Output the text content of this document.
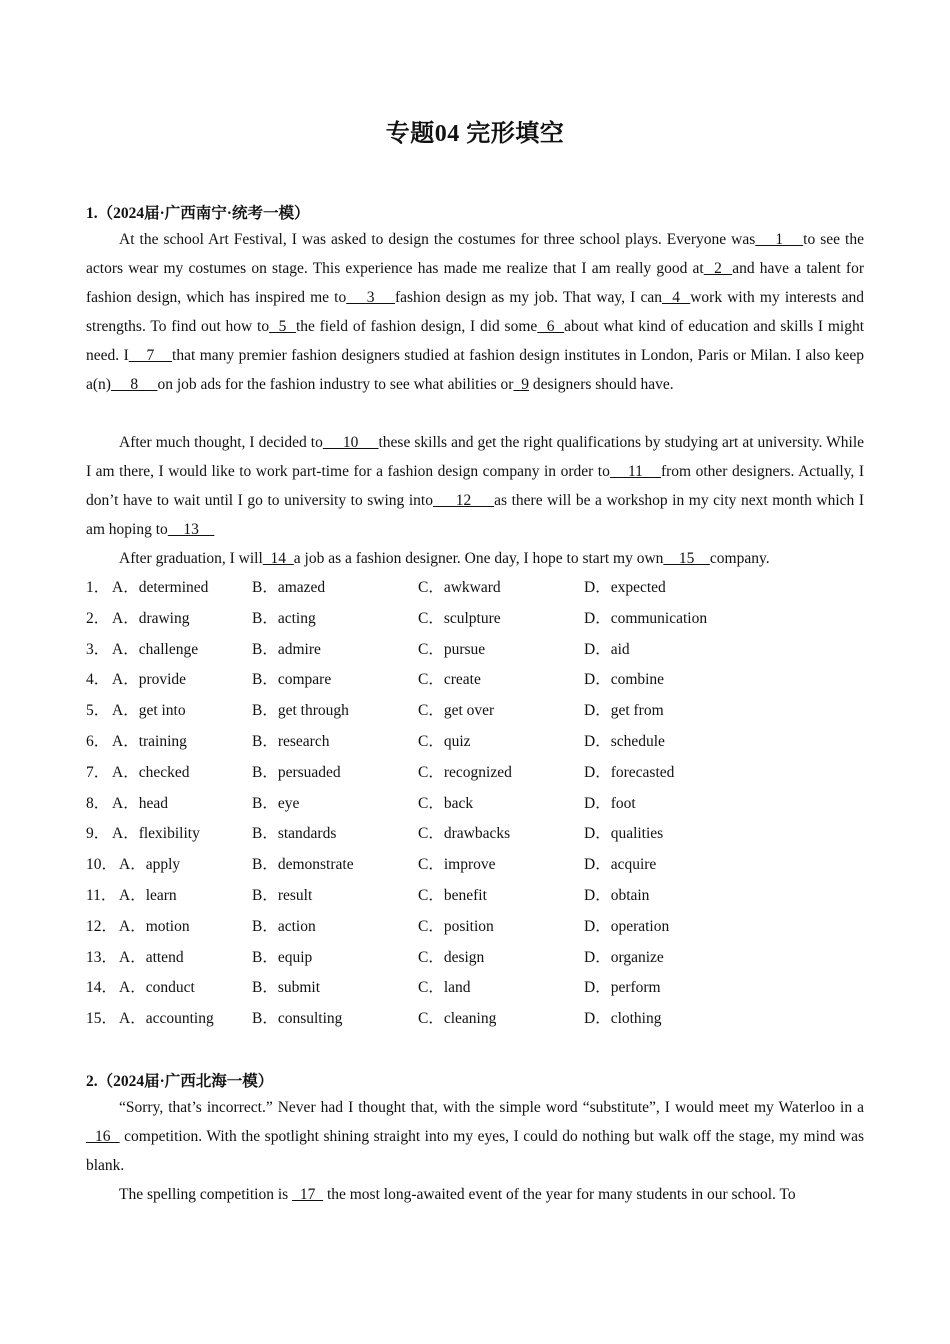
专题04 完形填空
1.（2024届·广西南宁·统考一模）

At the school Art Festival, I was asked to design the costumes for three school plays. Everyone was    1    to see the actors wear my costumes on stage. This experience has made me realize that I am really good at  2  and have a talent for fashion design, which has inspired me to    3    fashion design as my job. That way, I can  4  work with my interests and strengths. To find out how to  5  the field of fashion design, I did some  6  about what kind of education and skills I might need. I    7    that many premier fashion designers studied at fashion design institutes in London, Paris or Milan. I also keep a(n)     8     on job ads for the fashion industry to see what abilities or  9 designers should have.

After much thought, I decided to     10     these skills and get the right qualifications by studying art at university. While I am there, I would like to work part-time for a fashion design company in order to    11    from other designers. Actually, I don’t have to wait until I go to university to swing into     12     as there will be a workshop in my city next month which I am hoping to    13

After graduation, I will  14  a job as a fashion designer. One day, I hope to start my own    15    company.

1． A．determined	B．amazed	C．awkward	D．expected
2． A．drawing	B．acting	C．sculpture	D．communication
3． A．challenge	B．admire	C．pursue	D．aid
4． A．provide	B．compare	C．create	D．combine
5． A．get into	B．get through	C．get over	D．get from
6． A．training	B．research	C．quiz	D．schedule
7． A．checked	B．persuaded	C．recognized	D．forecasted
8． A．head	B．eye	C．back	D．foot
9． A．flexibility	B．standards	C．drawbacks	D．qualities
10． A．apply	B．demonstrate	C．improve	D．acquire
11． A．learn	B．result	C．benefit	D．obtain
12． A．motion	B．action	C．position	D．operation
13． A．attend	B．equip	C．design	D．organize
14． A．conduct	B．submit	C．land	D．perform
15． A．accounting B．consulting	C．cleaning	D．clothing
2.（2024届·广西北海一模）

“Sorry, that’s incorrect.” Never had I thought that, with the simple word “substitute”, I would meet my Waterloo in a   16   competition. With the spotlight shining straight into my eyes, I could do nothing but walk off the stage, my mind was blank.

The spelling competition is   17   the most long-awaited event of the year for many students in our school. To
